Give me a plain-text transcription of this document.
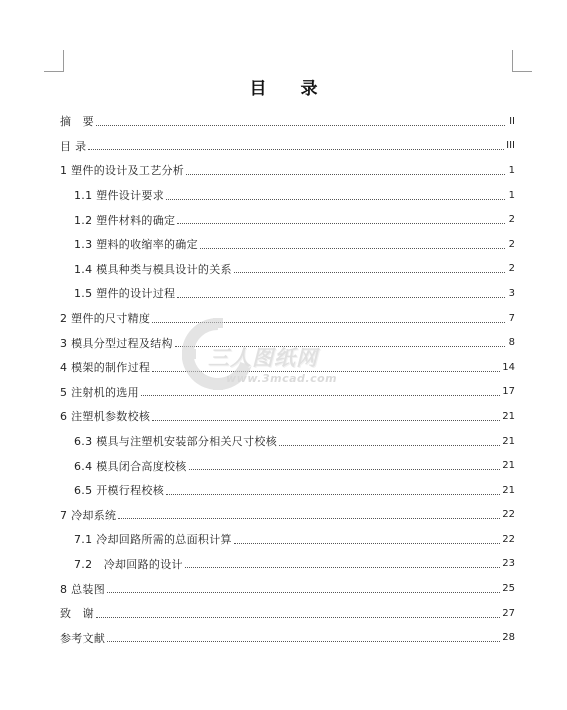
目 录
摘　要	II
目 录	III
1 塑件的设计及工艺分析	1
1.1 塑件设计要求	1
1.2 塑件材料的确定	2
1.3 塑料的收缩率的确定	2
1.4 模具种类与模具设计的关系	2
1.5 塑件的设计过程	3
2 塑件的尺寸精度	7
3 模具分型过程及结构	8
4 模架的制作过程	14
5 注射机的选用	17
6 注塑机参数校核	21
6.3 模具与注塑机安装部分相关尺寸校核	21
6.4 模具闭合高度校核	21
6.5 开模行程校核	21
7 冷却系统	22
7.1 冷却回路所需的总面积计算	22
7.2　冷却回路的设计	23
8 总装图	25
致　谢	27
参考文献	28
三人图纸网
www.3mcad.com
